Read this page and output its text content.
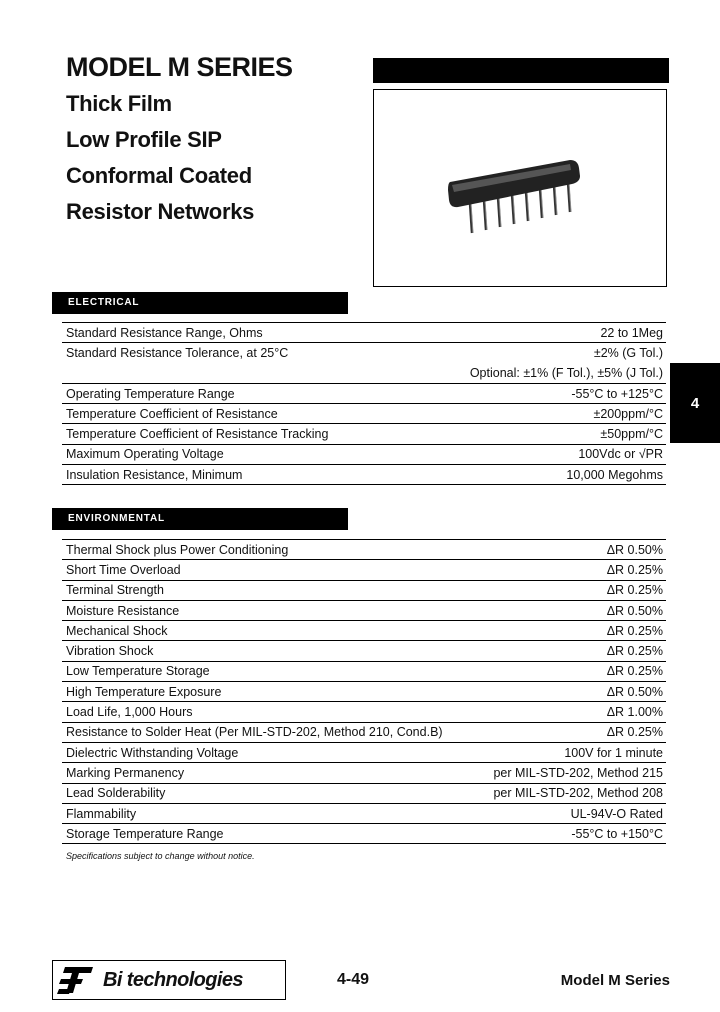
MODEL M SERIES
Thick Film
Low Profile SIP
Conformal Coated
Resistor Networks
ELECTRICAL
Standard Resistance Range, Ohms	22 to 1Meg
Standard Resistance Tolerance, at 25°C	±2% (G Tol.)
Optional: ±1% (F Tol.), ±5% (J Tol.)
Operating Temperature Range	-55°C to +125°C
Temperature Coefficient of Resistance	±200ppm/°C
Temperature Coefficient of Resistance Tracking	±50ppm/°C
Maximum Operating Voltage	100Vdc or √PR
Insulation Resistance, Minimum	10,000 Megohms
4
ENVIRONMENTAL
Thermal Shock plus Power Conditioning	ΔR 0.50%
Short Time Overload	ΔR 0.25%
Terminal Strength	ΔR 0.25%
Moisture Resistance	ΔR 0.50%
Mechanical Shock	ΔR 0.25%
Vibration Shock	ΔR 0.25%
Low Temperature Storage	ΔR 0.25%
High Temperature Exposure	ΔR 0.50%
Load Life, 1,000 Hours	ΔR 1.00%
Resistance to Solder Heat (Per MIL-STD-202, Method 210, Cond.B)	ΔR 0.25%
Dielectric Withstanding Voltage	100V for 1 minute
Marking Permanency	per MIL-STD-202, Method 215
Lead Solderability	per MIL-STD-202, Method 208
Flammability	UL-94V-O Rated
Storage Temperature Range	-55°C to +150°C
Specifications subject to change without notice.
Bi technologies	4-49	Model M Series
